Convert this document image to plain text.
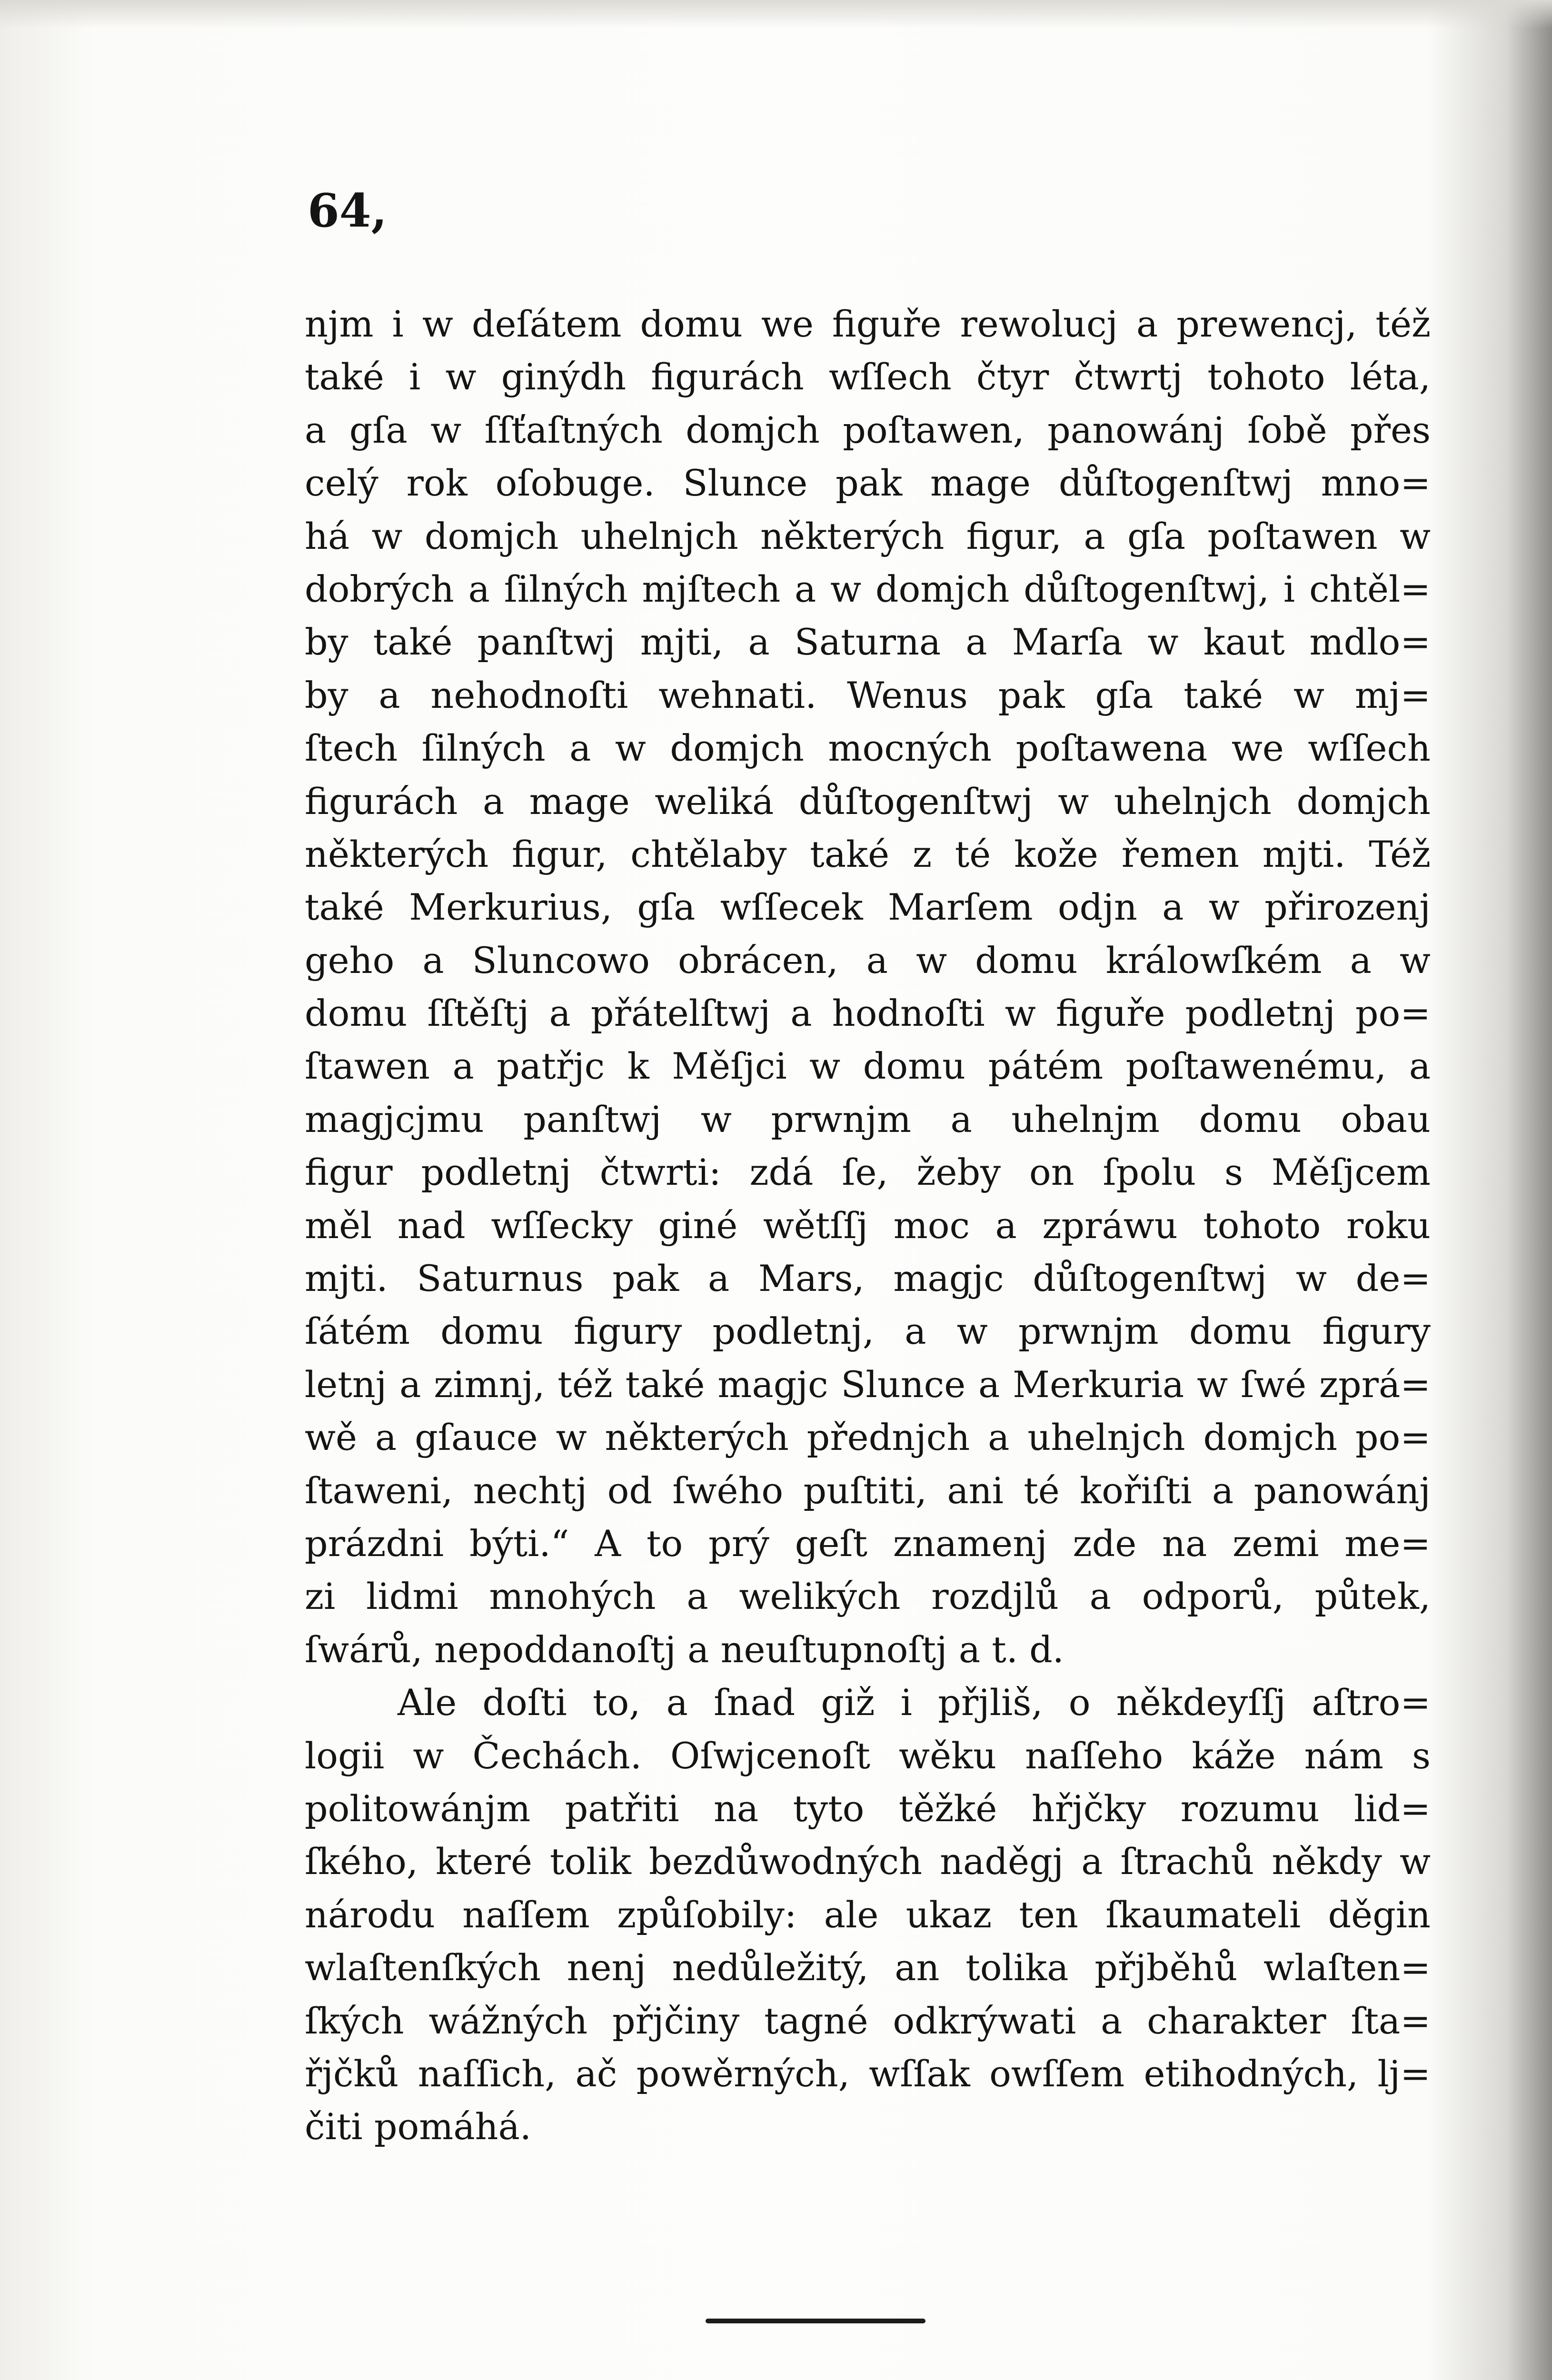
64,
njm i w deſátem domu we figuře rewolucj a prewencj, též
také i w ginýdh figurách wſſech čtyr čtwrtj tohoto léta,
a gſa w ſſťaſtných domjch poſtawen, panowánj ſobě přes
celý rok oſobuge. Slunce pak mage důſtogenſtwj mno=
há w domjch uhelnjch některých figur, a gſa poſtawen w
dobrých a ſilných mjſtech a w domjch důſtogenſtwj, i chtěl=
by také panſtwj mjti, a Saturna a Marſa w kaut mdlo=
by a nehodnoſti wehnati. Wenus pak gſa také w mj=
ſtech ſilných a w domjch mocných poſtawena we wſſech
figurách a mage weliká důſtogenſtwj w uhelnjch domjch
některých figur, chtělaby také z té kože řemen mjti. Též
také Merkurius, gſa wſſecek Marſem odjn a w přirozenj
geho a Sluncowo obrácen, a w domu králowſkém a w
domu ſſtěſtj a přátelſtwj a hodnoſti w figuře podletnj po=
ſtawen a patřjc k Měſjci w domu pátém poſtawenému, a
magjcjmu panſtwj w prwnjm a uhelnjm domu obau
figur podletnj čtwrti: zdá ſe, žeby on ſpolu s Měſjcem
měl nad wſſecky giné wětſſj moc a zpráwu tohoto roku
mjti. Saturnus pak a Mars, magjc důſtogenſtwj w de=
ſátém domu figury podletnj, a w prwnjm domu figury
letnj a zimnj, též také magjc Slunce a Merkuria w ſwé zprá=
wě a gſauce w některých přednjch a uhelnjch domjch po=
ſtaweni, nechtj od ſwého puſtiti, ani té kořiſti a panowánj
prázdni býti.“ A to prý geſt znamenj zde na zemi me=
zi lidmi mnohých a welikých rozdjlů a odporů, půtek,
ſwárů, nepoddanoſtj a neuſtupnoſtj a t. d.
Ale doſti to, a ſnad giž i přjliš, o někdeyſſj aſtro=
logii w Čechách. Oſwjcenoſt wěku naſſeho káže nám s
politowánjm patřiti na tyto těžké hřjčky rozumu lid=
ſkého, které tolik bezdůwodných naděgj a ſtrachů někdy w
národu naſſem způſobily: ale ukaz ten ſkaumateli děgin
wlaſtenſkých nenj nedůležitý, an tolika přjběhů wlaſten=
ſkých wážných přjčiny tagné odkrýwati a charakter ſta=
řjčků naſſich, ač powěrných, wſſak owſſem etihodných, lj=
čiti pomáhá.
